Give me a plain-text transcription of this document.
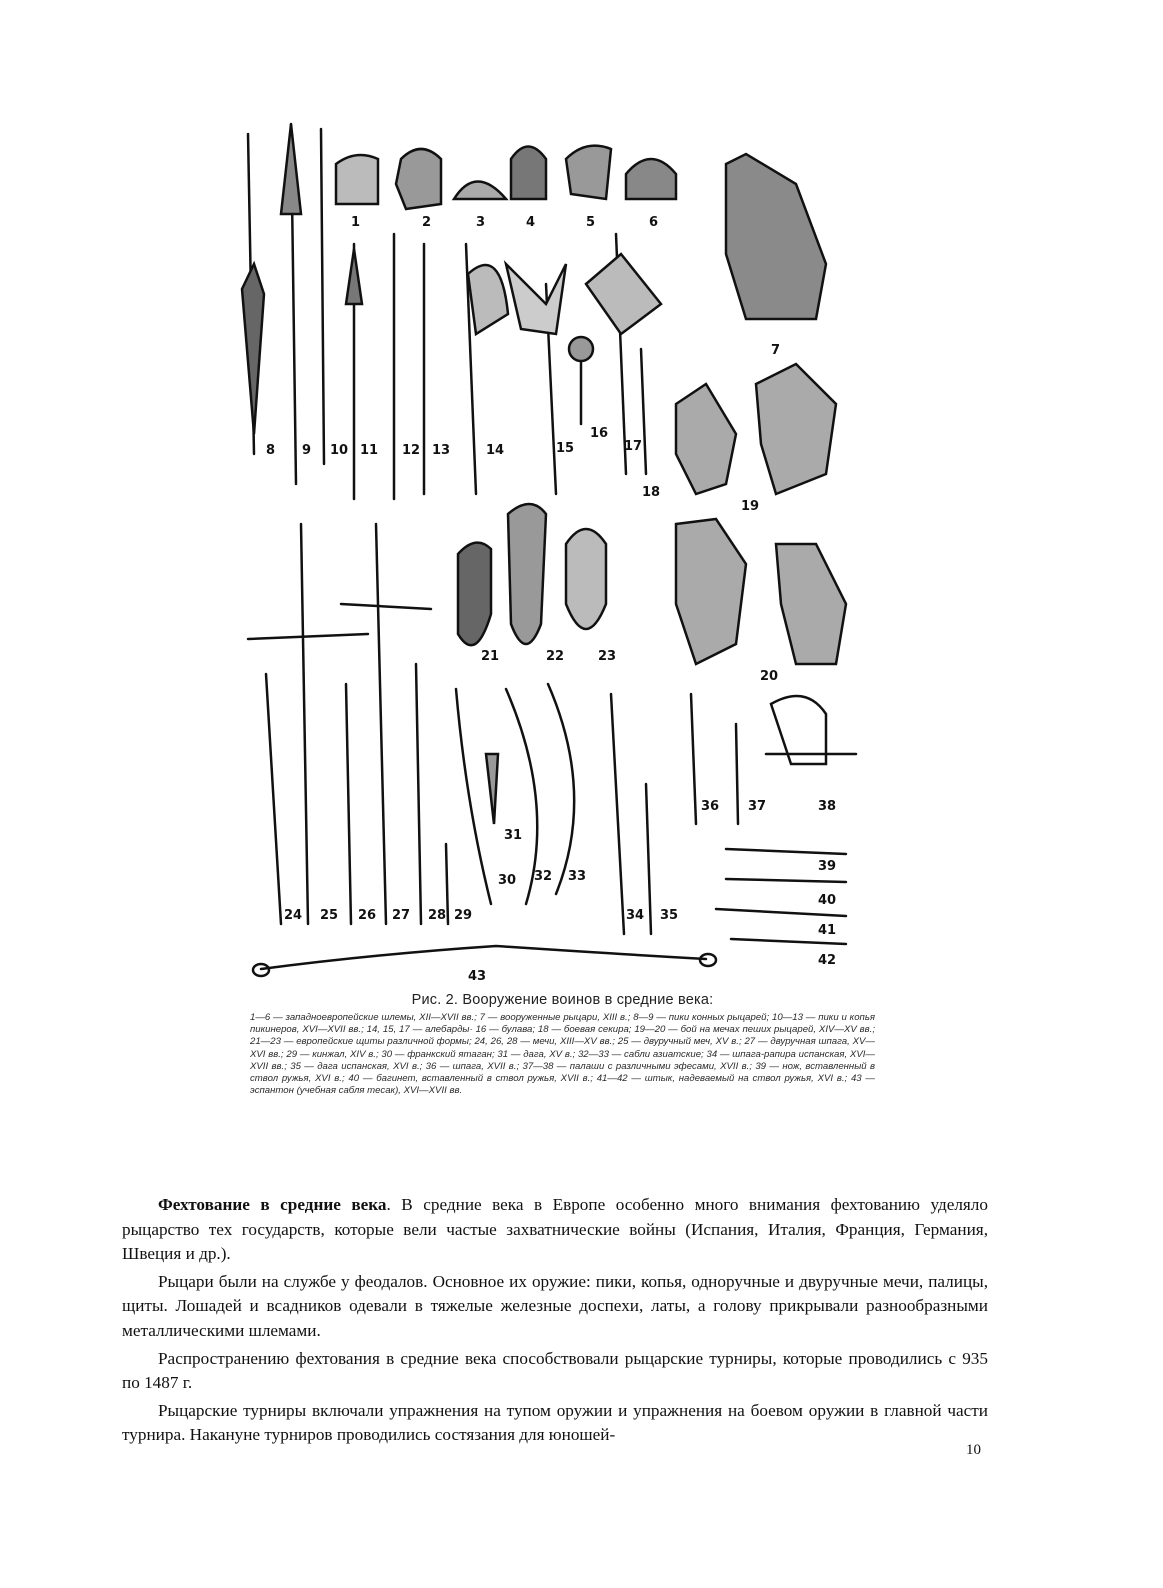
1	2	3	4	5	6
7
8 9 10 11 12 13	14	15
16
17
18
19
20
21	22	23
24 25 26 27 28 29
30
31
32 33
34 35
36 37	38
39
40
41
42
43

Рис. 2. Вооружение воинов в средние века:

1—6 — западноевропейские шлемы, XII—XVII вв.; 7 — вооруженные рыцари, XIII в.; 8—9 — пики конных рыцарей; 10—13 — пики и копья пикинеров, XVI—XVII вв.; 14, 15, 17 — алебарды· 16 — булава; 18 — боевая секира; 19—20 — бой на мечах пеших рыцарей, XIV—XV вв.; 21—23 — европейские щиты различной формы; 24, 26, 28 — мечи, XIII—XV вв.; 25 — двуручный меч, XV в.; 27 — двуручная шпага, XV—XVI вв.; 29 — кинжал, XIV в.; 30 — франкский ятаган; 31 — дага, XV в.; 32—33 — сабли азиатские; 34 — шпага-рапира испанская, XVI—XVII вв.; 35 — дага испанская, XVI в.; 36 — шпага, XVII в.; 37—38 — палаши с различными эфесами, XVII в.; 39 — нож, вставленный в ствол ружья, XVI в.; 40 — багинет, вставленный в ствол ружья, XVII в.; 41—42 — штык, надеваемый на ствол ружья, XVI в.; 43 — эспантон (учебная сабля тесак), XVI—XVII вв.

Фехтование в средние века. В средние века в Европе особенно много внимания фехтованию уделяло рыцарство тех государств, которые вели частые захватнические войны (Испания, Италия, Франция, Германия, Швеция и др.).

Рыцари были на службе у феодалов. Основное их оружие: пики, копья, одноручные и двуручные мечи, палицы, щиты. Лошадей и всадников одевали в тяжелые железные доспехи, латы, а голову прикрывали разнообразными металлическими шлемами.

Распространению фехтования в средние века способствовали рыцарские турниры, которые проводились с 935 по 1487 г.

Рыцарские турниры включали упражнения на тупом оружии и упражнения на боевом оружии в главной части турнира. Накануне турниров проводились состязания для юношей-

10
